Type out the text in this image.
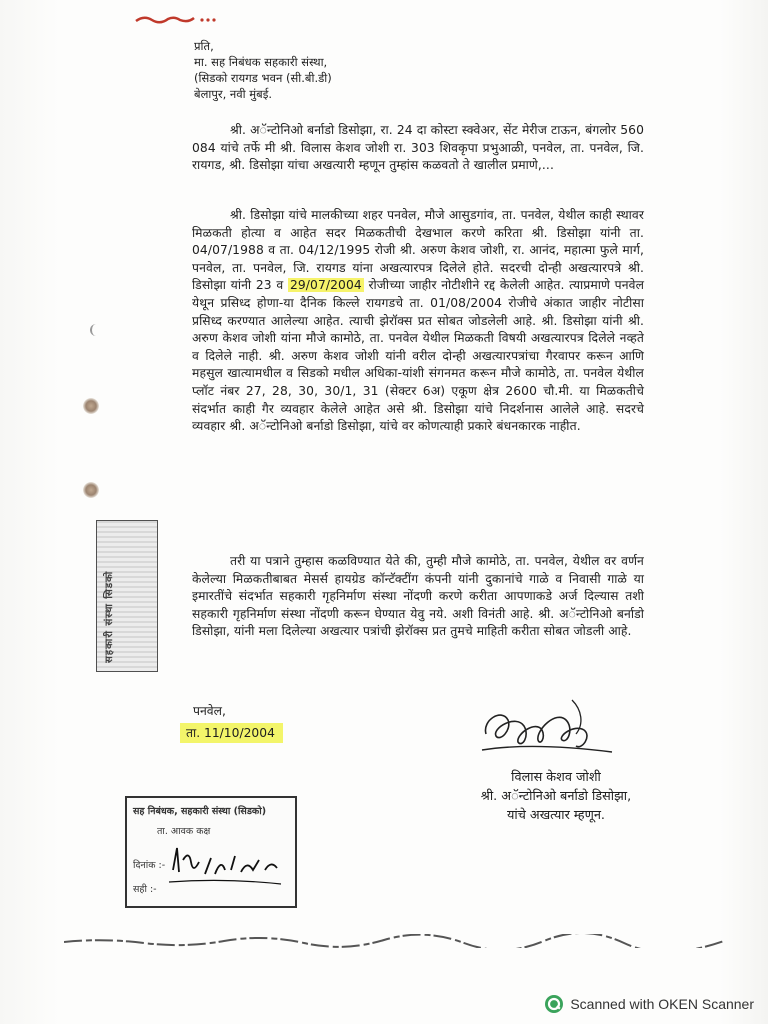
प्रति,
मा. सह निबंधक सहकारी संस्था,
(सिडको रायगड भवन (सी.बी.डी)
बेलापुर, नवी मुंबई.
श्री. अॅन्टोनिओ बर्नाडो डिसोझा, रा. 24 दा कोस्टा स्क्वेअर, सेंट मेरीज टाऊन, बंगलोर 560 084 यांचे तर्फे मी श्री. विलास केशव जोशी रा. 303 शिवकृपा प्रभुआळी, पनवेल, ता. पनवेल, जि. रायगड, श्री. डिसोझा यांचा अखत्यारी म्हणून तुम्हांस कळवतो ते खालील प्रमाणे,...
श्री. डिसोझा यांचे मालकीच्या शहर पनवेल, मौजे आसुडगांव, ता. पनवेल, येथील काही स्थावर मिळकती होत्या व आहेत सदर मिळकतीची देखभाल करणे करिता श्री. डिसोझा यांनी ता. 04/07/1988 व ता. 04/12/1995 रोजी श्री. अरुण केशव जोशी, रा. आनंद, महात्मा फुले मार्ग, पनवेल, ता. पनवेल, जि. रायगड यांना अखत्यारपत्र दिलेले होते. सदरची दोन्ही अखत्यारपत्रे श्री. डिसोझा यांनी 23 व 29/07/2004 रोजीच्या जाहीर नोटीशीने रद्द केलेली आहेत. त्याप्रमाणे पनवेल येथून प्रसिध्द होणा-या दैनिक किल्ले रायगडचे ता. 01/08/2004 रोजीचे अंकात जाहीर नोटीसा प्रसिध्द करण्यात आलेल्या आहेत. त्याची झेरॉक्स प्रत सोबत जोडलेली आहे. श्री. डिसोझा यांनी श्री. अरुण केशव जोशी यांना मौजे कामोठे, ता. पनवेल येथील मिळकती विषयी अखत्यारपत्र दिलेले नव्हते व दिलेले नाही. श्री. अरुण केशव जोशी यांनी वरील दोन्ही अखत्यारपत्रांचा गैरवापर करून आणि महसुल खात्यामधील व सिडको मधील अधिका-यांशी संगनमत करून मौजे कामोठे, ता. पनवेल येथील प्लॉट नंबर 27, 28, 30, 30/1, 31 (सेक्टर 6अ) एकूण क्षेत्र 2600 चौ.मी. या मिळकतीचे संदर्भात काही गैर व्यवहार केलेले आहेत असे श्री. डिसोझा यांचे निदर्शनास आलेले आहे. सदरचे व्यवहार श्री. अॅन्टोनिओ बर्नाडो डिसोझा, यांचे वर कोणत्याही प्रकारे बंधनकारक नाहीत.
तरी या पत्राने तुम्हास कळविण्यात येते की, तुम्ही मौजे कामोठे, ता. पनवेल, येथील वर वर्णन केलेल्या मिळकतीबाबत मेसर्स हायग्रेड कॉन्टॅक्टींग कंपनी यांनी दुकानांचे गाळे व निवासी गाळे या इमारतींचे संदर्भात सहकारी गृहनिर्माण संस्था नोंदणी करणे करीता आपणाकडे अर्ज दिल्यास तशी सहकारी गृहनिर्माण संस्था नोंदणी करून घेण्यात येवु नये. अशी विनंती आहे. श्री. अॅन्टोनिओ बर्नाडो डिसोझा, यांनी मला दिलेल्या अखत्यार पत्रांची झेरॉक्स प्रत तुमचे माहिती करीता सोबत जोडली आहे.
पनवेल,
ता. 11/10/2004
विलास केशव जोशी
श्री. अॅन्टोनिओ बर्नाडो डिसोझा,
यांचे अखत्यार म्हणून.
सहकारी संस्था सिडको
सह निबंधक, सहकारी संस्था (सिडको)
ता. आवक कक्ष
दिनांक :-
सही :-
Scanned with OKEN Scanner
